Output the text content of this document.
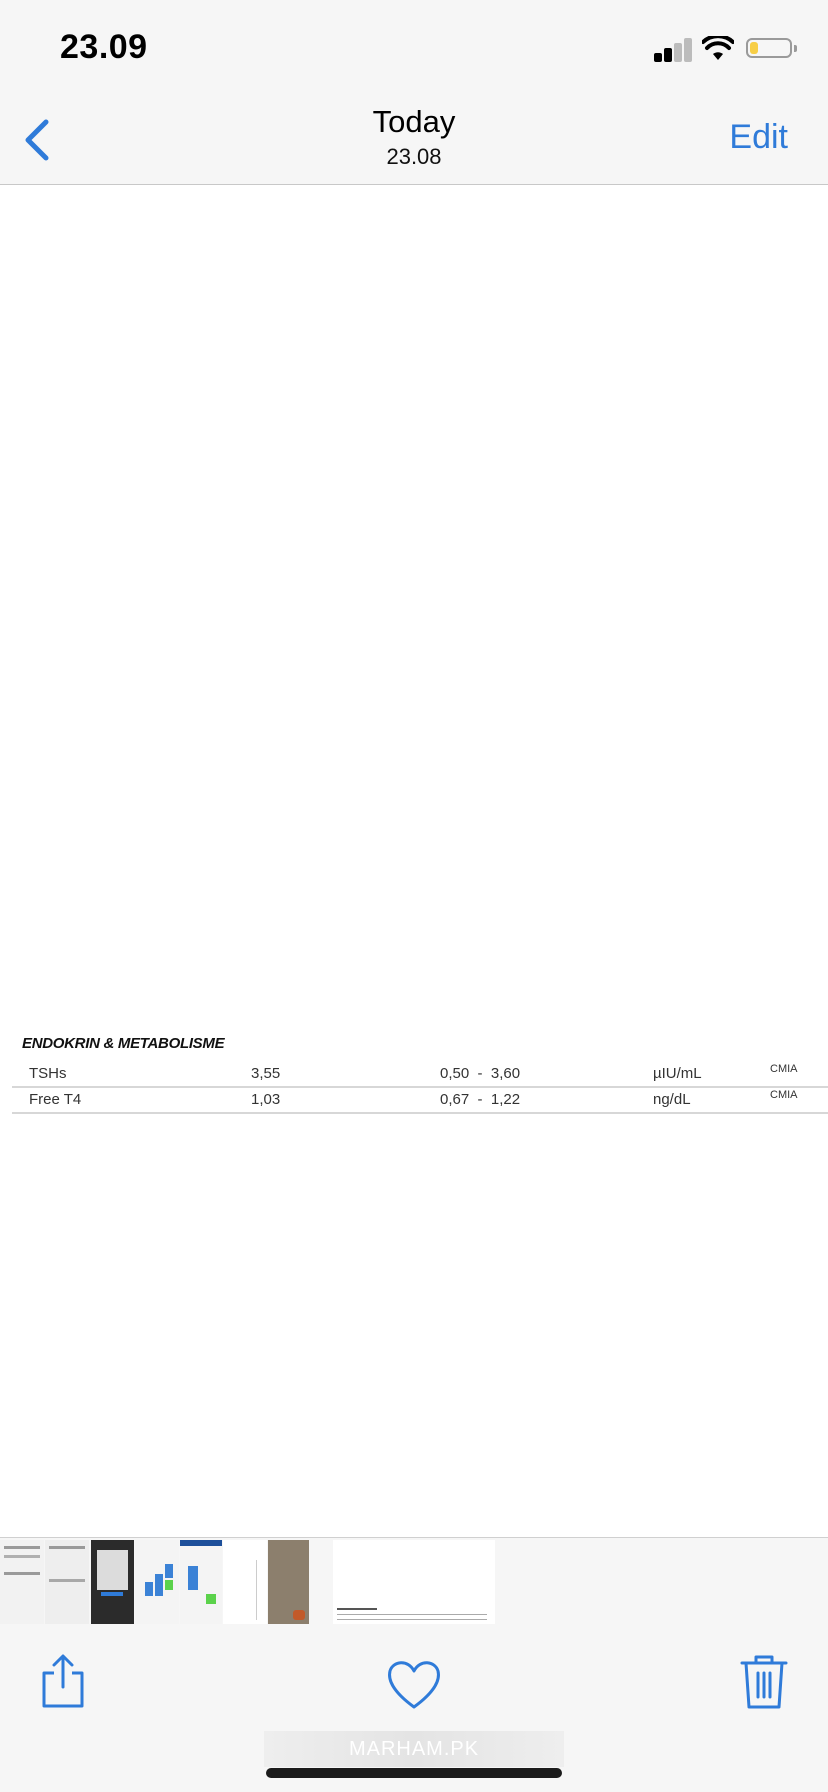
23.09
Today
23.08
Edit
ENDOKRIN & METABOLISME
TSHs	3,55	0,50  -  3,60	µIU/mL	CMIA
Free T4	1,03	0,67  -  1,22	ng/dL	CMIA
MARHAM.PK
